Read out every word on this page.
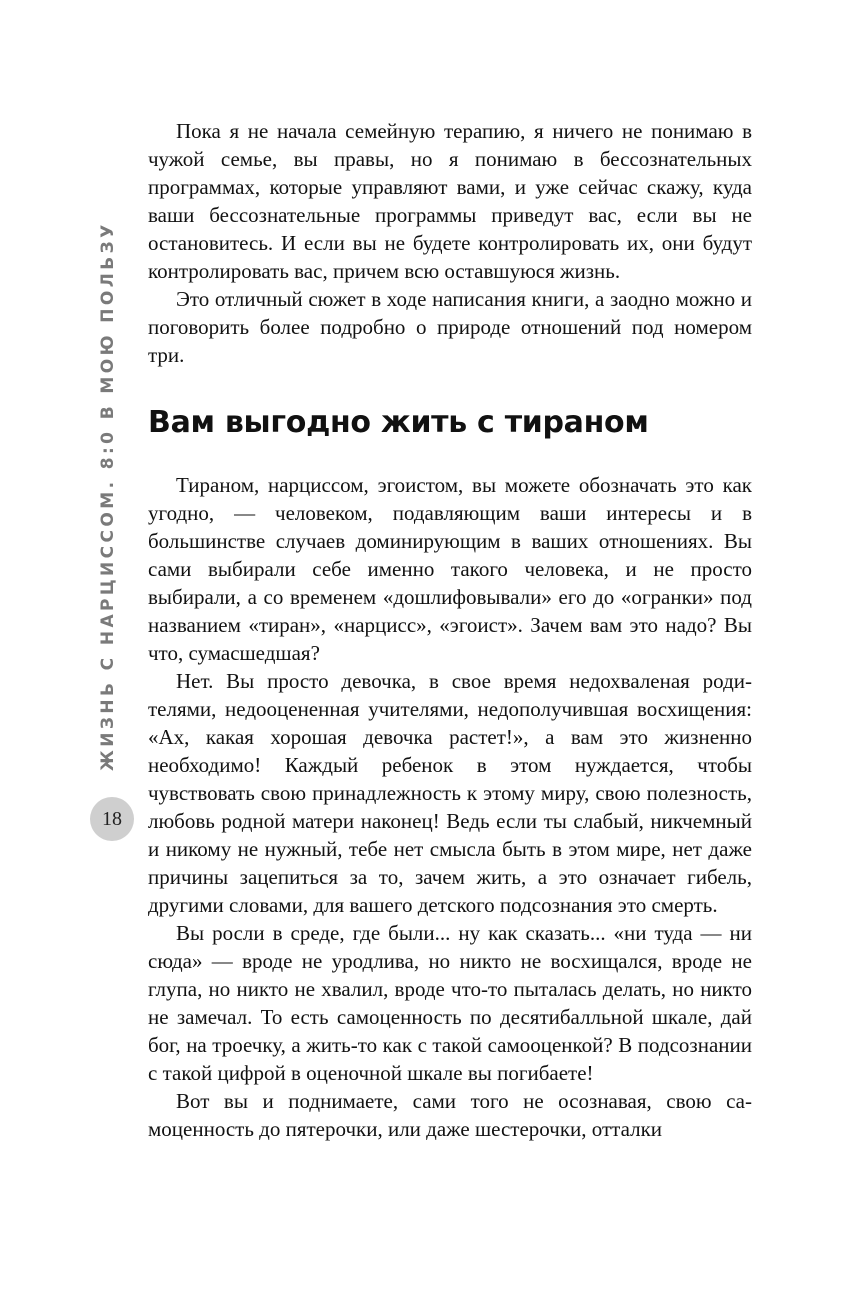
ЖИЗНЬ С НАРЦИССОМ. 8:0 В МОЮ ПОЛЬЗУ
18

Пока я не начала семейную терапию, я ничего не понимаю в чужой семье, вы правы, но я понимаю в бессознательных программах, которые управляют вами, и уже сейчас скажу, куда ваши бессознательные программы приведут вас, если вы не остановитесь. И если вы не будете контролировать их, они будут контролировать вас, причем всю оставшуюся жизнь.

Это отличный сюжет в ходе написания книги, а заодно можно и поговорить более подробно о природе отношений под номером три.

Вам выгодно жить с тираном

Тираном, нарциссом, эгоистом, вы можете обозначать это как угодно, — человеком, подавляющим ваши интересы и в большинстве случаев доминирующим в ваших отношениях. Вы сами выбирали себе именно такого человека, и не просто выбирали, а со временем «дошлифовывали» его до «огранки» под названием «тиран», «нарцисс», «эгоист». Зачем вам это надо? Вы что, сумасшедшая?

Нет. Вы просто девочка, в свое время недохваленая родителями, недооцененная учителями, недополучившая восхищения: «Ах, какая хорошая девочка растет!», а вам это жизненно необходимо! Каждый ребенок в этом нуждается, чтобы чувствовать свою принадлежность к этому миру, свою полезность, любовь родной матери наконец! Ведь если ты слабый, никчемный и никому не нужный, тебе нет смысла быть в этом мире, нет даже причины зацепиться за то, зачем жить, а это означает гибель, другими словами, для вашего детского подсознания это смерть.

Вы росли в среде, где были... ну как сказать... «ни туда — ни сюда» — вроде не уродлива, но никто не восхищался, вроде не глупа, но никто не хвалил, вроде что-то пыталась делать, но никто не замечал. То есть самоценность по десятибалльной шкале, дай бог, на троечку, а жить-то как с такой самооценкой? В подсознании с такой цифрой в оценочной шкале вы погибаете!

Вот вы и поднимаете, сами того не осознавая, свою самоценность до пятерочки, или даже шестерочки, отталки
